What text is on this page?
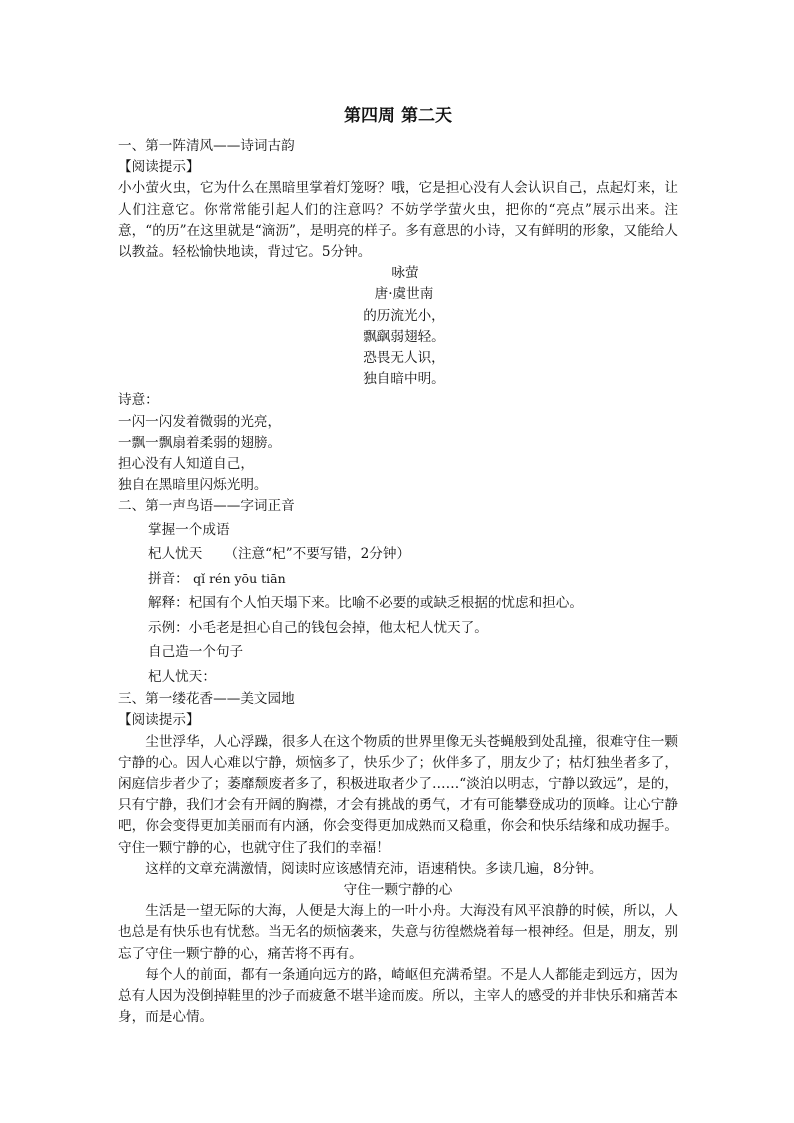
第四周 第二天
一、第一阵清风——诗词古韵
【阅读提示】

小小萤火虫，它为什么在黑暗里掌着灯笼呀？哦，它是担心没有人会认识自己，点起灯来，让人们注意它。你常常能引起人们的注意吗？不妨学学萤火虫，把你的“亮点”展示出来。注意，“的历”在这里就是“滴沥”，是明亮的样子。多有意思的小诗，又有鲜明的形象，又能给人以教益。轻松愉快地读，背过它。5分钟。

咏萤
唐·虞世南
的历流光小，
飘飖弱翅轻。
恐畏无人识，
独自暗中明。
诗意：
一闪一闪发着微弱的光亮，
一飘一飘扇着柔弱的翅膀。
担心没有人知道自己，
独自在黑暗里闪烁光明。
二、第一声鸟语——字词正音
掌握一个成语
杞人忧天 （注意“杞”不要写错，2分钟）
拼音： qǐ rén yōu tiān
解释：杞国有个人怕天塌下来。比喻不必要的或缺乏根据的忧虑和担心。
示例：小毛老是担心自己的钱包会掉，他太杞人忧天了。
自己造一个句子
杞人忧天：
三、第一缕花香——美文园地
【阅读提示】

尘世浮华，人心浮躁，很多人在这个物质的世界里像无头苍蝇般到处乱撞，很难守住一颗宁静的心。因人心难以宁静，烦恼多了，快乐少了；伙伴多了，朋友少了；枯灯独坐者多了，闲庭信步者少了；萎靡颓废者多了，积极进取者少了……“淡泊以明志，宁静以致远”，是的，只有宁静，我们才会有开阔的胸襟，才会有挑战的勇气，才有可能攀登成功的顶峰。让心宁静吧，你会变得更加美丽而有内涵，你会变得更加成熟而又稳重，你会和快乐结缘和成功握手。守住一颗宁静的心，也就守住了我们的幸福！

这样的文章充满激情，阅读时应该感情充沛，语速稍快。多读几遍，8分钟。

守住一颗宁静的心

生活是一望无际的大海，人便是大海上的一叶小舟。大海没有风平浪静的时候，所以，人也总是有快乐也有忧愁。当无名的烦恼袭来，失意与彷徨燃烧着每一根神经。但是，朋友，别忘了守住一颗宁静的心，痛苦将不再有。

每个人的前面，都有一条通向远方的路，崎岖但充满希望。不是人人都能走到远方，因为总有人因为没倒掉鞋里的沙子而疲惫不堪半途而废。所以，主宰人的感受的并非快乐和痛苦本身，而是心情。
